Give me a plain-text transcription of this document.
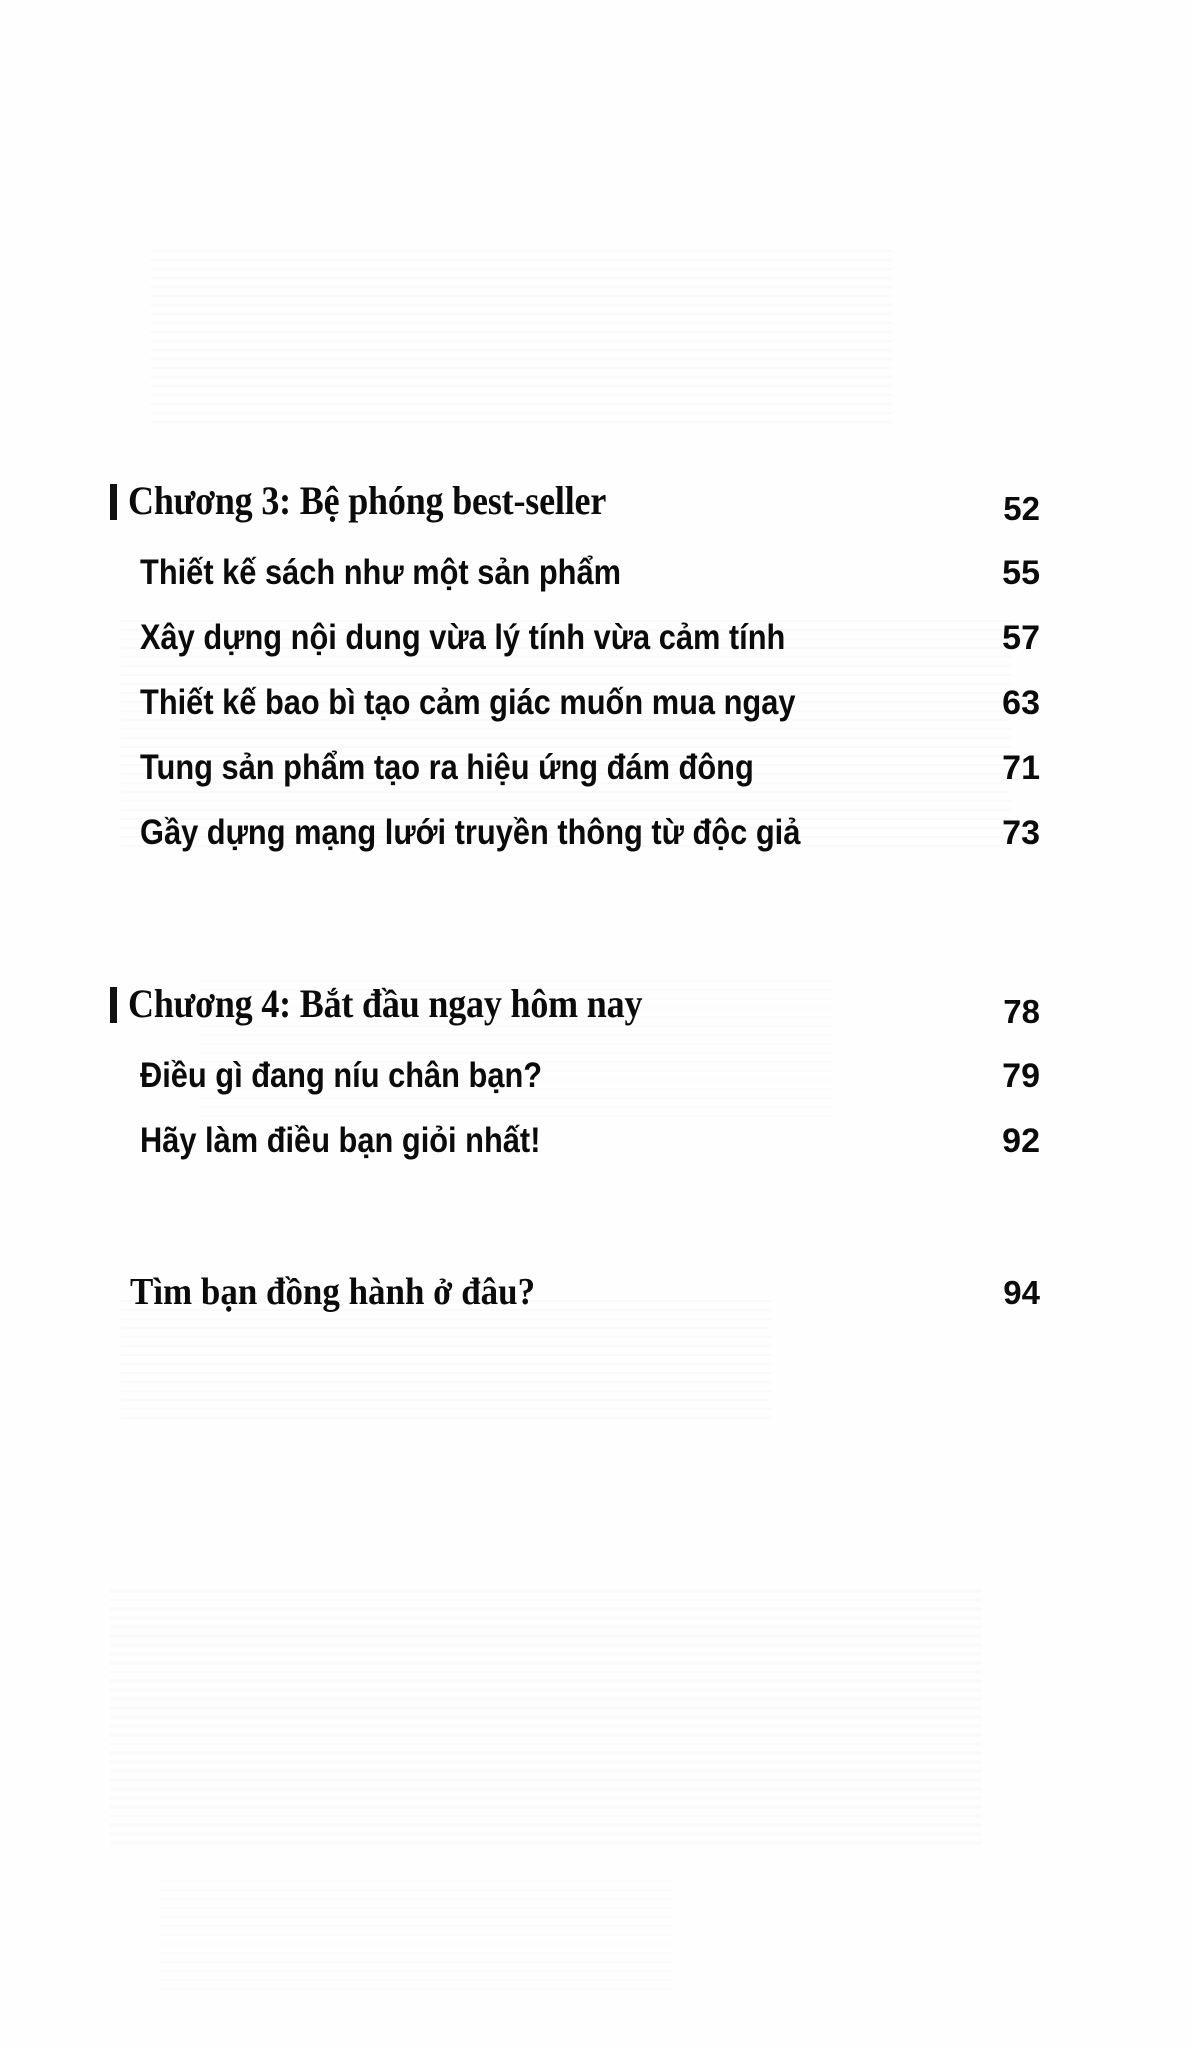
Chương 3: Bệ phóng best-seller	52
Thiết kế sách như một sản phẩm	55
Xây dựng nội dung vừa lý tính vừa cảm tính	57
Thiết kế bao bì tạo cảm giác muốn mua ngay	63
Tung sản phẩm tạo ra hiệu ứng đám đông	71
Gầy dựng mạng lưới truyền thông từ độc giả	73
Chương 4: Bắt đầu ngay hôm nay	78
Điều gì đang níu chân bạn?	79
Hãy làm điều bạn giỏi nhất!	92
Tìm bạn đồng hành ở đâu?	94
